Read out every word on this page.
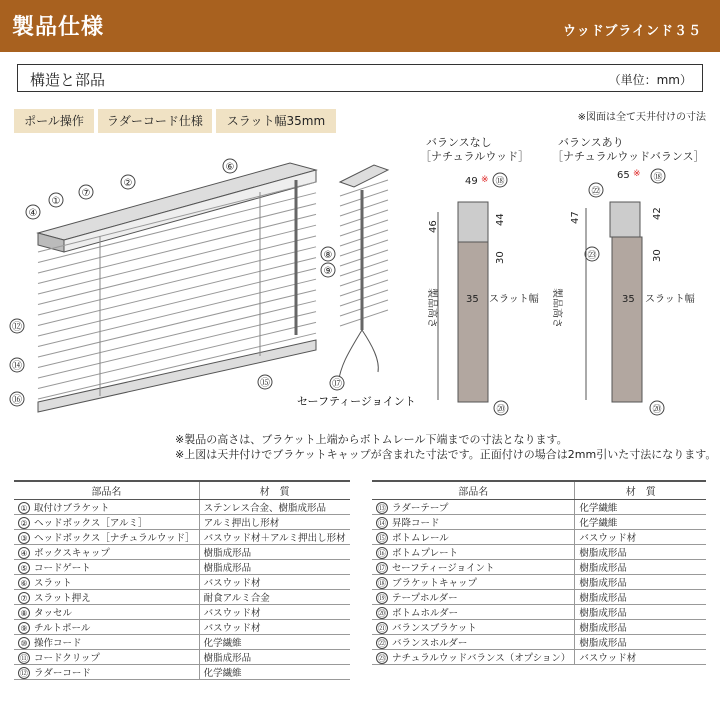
製品仕様	ウッドブラインド３５
構造と部品	（単位：mm）
※図面は全て天井付けの寸法
ポール操作	ラダーコード仕様	スラット幅35mm
①
②
④
⑥
⑦
⑧
⑨
⑫
⑭
⑮
⑯
⑰
セーフティージョイント
バランスなし
［ナチュラルウッド］
49 ※ ⑱
46
44
30
35 スラット幅
製品高さ
⑳
バランスあり
［ナチュラルウッドバランス］
65 ※
㉒
⑱
㉓
47	42
30
35 スラット幅
製品高さ
⑳
※製品の高さは、ブラケット上端からボトムレール下端までの寸法となります。
※上図は天井付けでブラケットキャップが含まれた寸法です。正面付けの場合は2mm引いた寸法になります。
部品名	材　質
① 取付けブラケット	ステンレス合金、樹脂成形品
② ヘッドボックス［アルミ］	アルミ押出し形材
③ ヘッドボックス［ナチュラルウッド］	バスウッド材＋アルミ押出し形材
④ ボックスキャップ	樹脂成形品
⑤ コードゲート	樹脂成形品
⑥ スラット	バスウッド材
⑦ スラット押え	耐食アルミ合金
⑧ タッセル	バスウッド材
⑨ チルトポール	バスウッド材
⑩ 操作コード	化学繊維
⑪ コードクリップ	樹脂成形品
⑫ ラダーコード	化学繊維
部品名	材　質
⑬ ラダーテープ	化学繊維
⑭ 昇降コード	化学繊維
⑮ ボトムレール	バスウッド材
⑯ ボトムプレート	樹脂成形品
⑰ セーフティージョイント	樹脂成形品
⑱ ブラケットキャップ	樹脂成形品
⑲ テープホルダー	樹脂成形品
⑳ ボトムホルダー	樹脂成形品
㉑ バランスブラケット	樹脂成形品
㉒ バランスホルダー	樹脂成形品
㉓ ナチュラルウッドバランス（オプション）	バスウッド材
